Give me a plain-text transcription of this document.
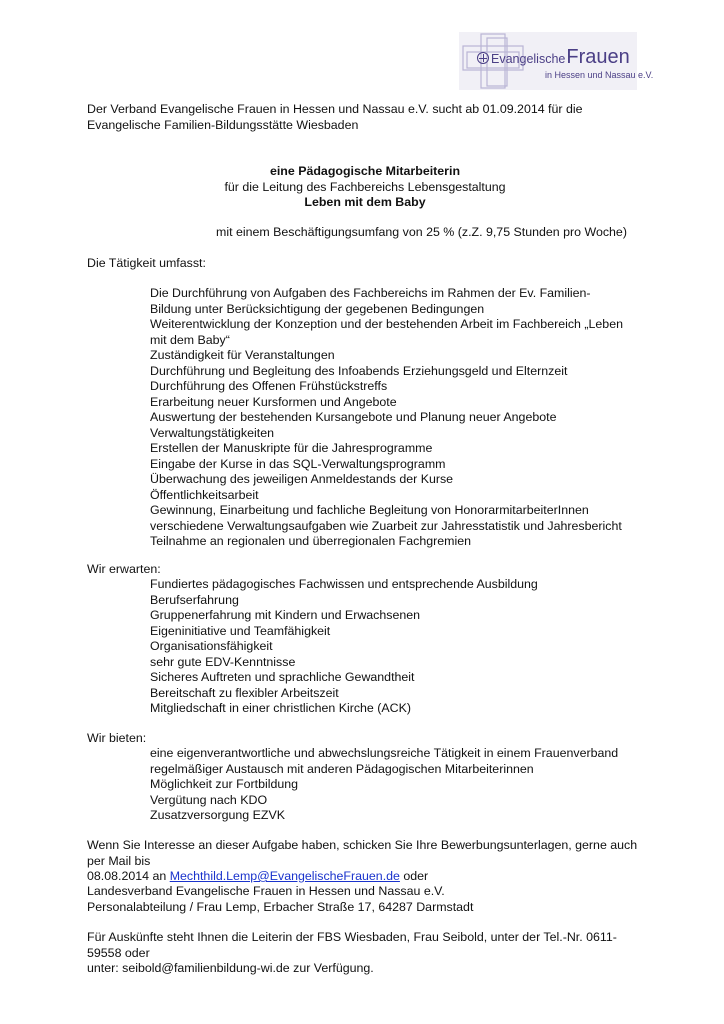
EvangelischeFrauen
in Hessen und Nassau e.V.

Der Verband Evangelische Frauen in Hessen und Nassau e.V. sucht ab 01.09.2014 für die

Evangelische Familien-Bildungsstätte Wiesbaden

eine Pädagogische Mitarbeiterin

für die Leitung des Fachbereichs Lebensgestaltung

Leben mit dem Baby

mit einem Beschäftigungsumfang von 25 % (z.Z. 9,75 Stunden pro Woche)

Die Tätigkeit umfasst:

Die Durchführung von Aufgaben des Fachbereichs im Rahmen der Ev. Familien-
Bildung unter Berücksichtigung der gegebenen Bedingungen
Weiterentwicklung der Konzeption und der bestehenden Arbeit im Fachbereich „Leben
mit dem Baby“
Zuständigkeit für Veranstaltungen
Durchführung und Begleitung des Infoabends Erziehungsgeld und Elternzeit
Durchführung des Offenen Frühstückstreffs
Erarbeitung neuer Kursformen und Angebote
Auswertung der bestehenden Kursangebote und Planung neuer Angebote
Verwaltungstätigkeiten
Erstellen der Manuskripte für die Jahresprogramme
Eingabe der Kurse in das SQL-Verwaltungsprogramm
Überwachung des jeweiligen Anmeldestands der Kurse
Öffentlichkeitsarbeit
Gewinnung, Einarbeitung und fachliche Begleitung von HonorarmitarbeiterInnen
verschiedene Verwaltungsaufgaben wie Zuarbeit zur Jahresstatistik und Jahresbericht
Teilnahme an regionalen und überregionalen Fachgremien

Wir erwarten:

Fundiertes pädagogisches Fachwissen und entsprechende Ausbildung
Berufserfahrung
Gruppenerfahrung mit Kindern und Erwachsenen
Eigeninitiative und Teamfähigkeit
Organisationsfähigkeit
sehr gute EDV-Kenntnisse
Sicheres Auftreten und sprachliche Gewandtheit
Bereitschaft zu flexibler Arbeitszeit
Mitgliedschaft in einer christlichen Kirche (ACK)

Wir bieten:

eine eigenverantwortliche und abwechslungsreiche Tätigkeit in einem Frauenverband
regelmäßiger Austausch mit anderen Pädagogischen Mitarbeiterinnen
Möglichkeit zur Fortbildung
Vergütung nach KDO
Zusatzversorgung EZVK

Wenn Sie Interesse an dieser Aufgabe haben, schicken Sie Ihre Bewerbungsunterlagen, gerne auch per Mail bis

08.08.2014 an Mechthild.Lemp@EvangelischeFrauen.de oder

Landesverband Evangelische Frauen in Hessen und Nassau e.V.

Personalabteilung / Frau Lemp, Erbacher Straße 17, 64287 Darmstadt

Für Auskünfte steht Ihnen die Leiterin der FBS Wiesbaden, Frau Seibold, unter der Tel.-Nr. 0611-59558 oder

unter: seibold@familienbildung-wi.de zur Verfügung.
